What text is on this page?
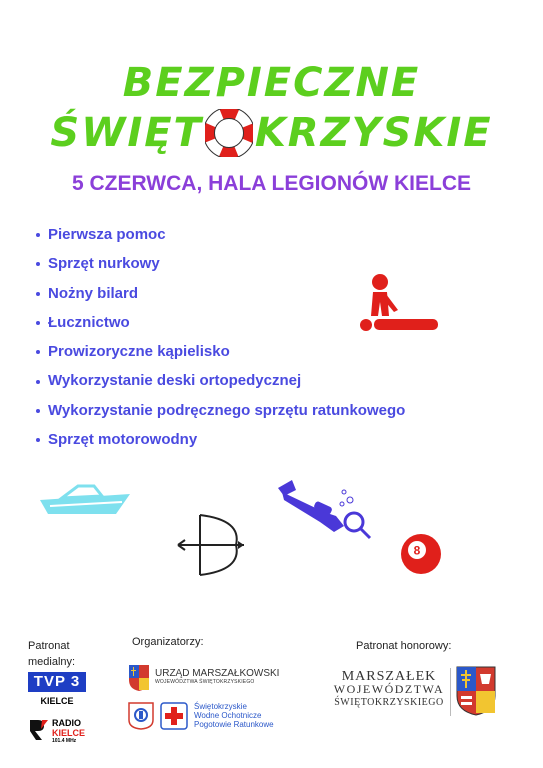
BEZPIECZNE
ŚWIĘT KRZYSKIE
5 CZERWCA, HALA LEGIONÓW KIELCE
Pierwsza pomoc
Sprzęt nurkowy
Nożny bilard
Łucznictwo
Prowizoryczne kąpielisko
Wykorzystanie deski ortopedycznej
Wykorzystanie podręcznego sprzętu ratunkowego
Sprzęt motorowodny
8
Patronat
medialny:
TVP 3
KIELCE
RADIO
KIELCE
101.4 MHz
Organizatorzy:
URZĄD MARSZAŁKOWSKI
WOJEWÓDZTWA ŚWIĘTOKRZYSKIEGO
Świętokrzyskie
Wodne Ochotnicze
Pogotowie Ratunkowe
Patronat honorowy:
MARSZAŁEK
WOJEWÓDZTWA
ŚWIĘTOKRZYSKIEGO
